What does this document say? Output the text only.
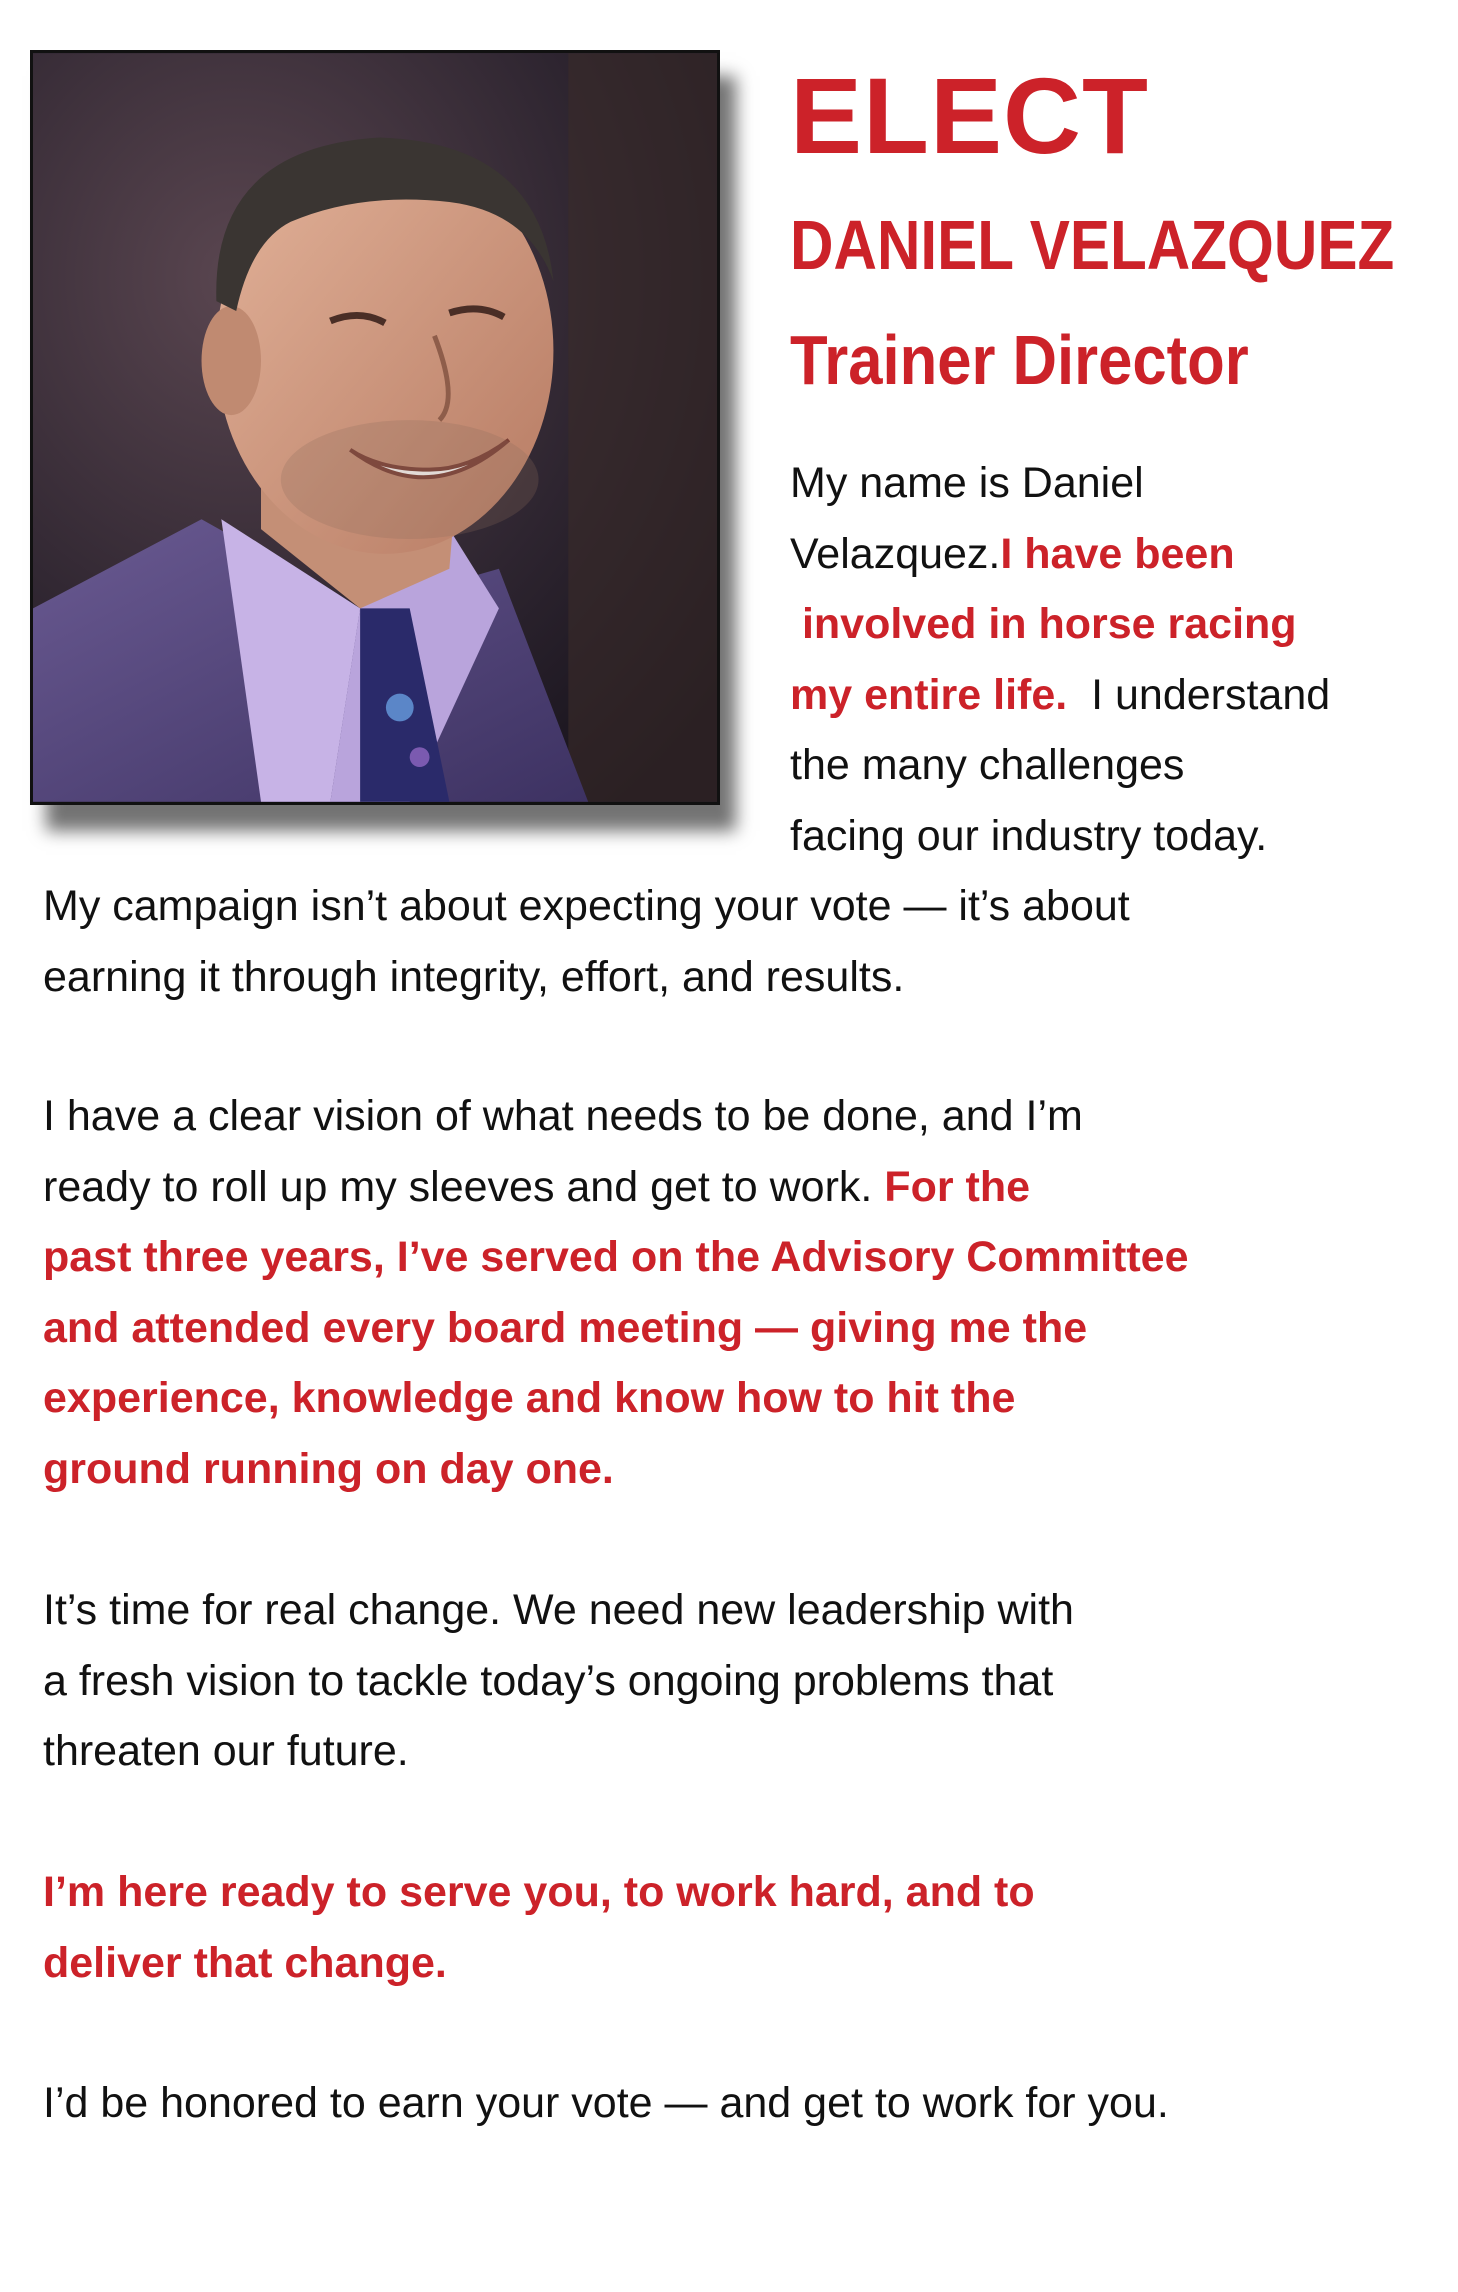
ELECT
DANIEL VELAZQUEZ
Trainer Director
My name is Daniel
Velazquez.I have been
involved in horse racing
my entire life.  I understand
the many challenges
facing our industry today.
My campaign isn’t about expecting your vote — it’s about
earning it through integrity, effort, and results.
I have a clear vision of what needs to be done, and I’m
ready to roll up my sleeves and get to work. For the
past three years, I’ve served on the Advisory Committee
and attended every board meeting — giving me the
experience, knowledge and know how to hit the
ground running on day one.
It’s time for real change. We need new leadership with
a fresh vision to tackle today’s ongoing problems that
threaten our future.
I’m here ready to serve you, to work hard, and to
deliver that change.
I’d be honored to earn your vote — and get to work for you.
